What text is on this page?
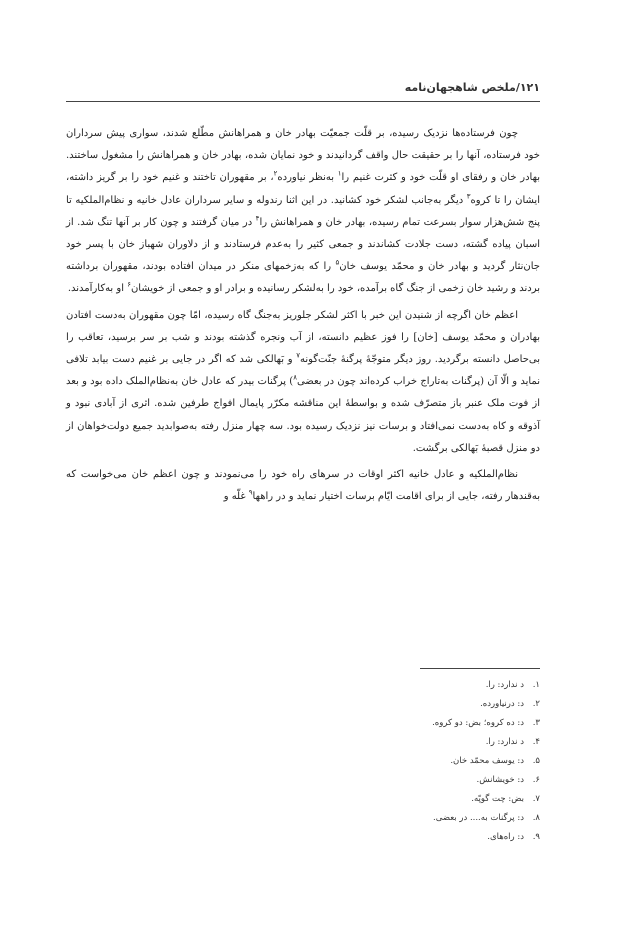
۱۲۱/ملخص شاهجهان‌نامه

چون فرستاده‌ها نزدیک رسیده، بر قلّت جمعیّت بهادر خان و همراهانش مطّلع شدند، سواری پیش سرداران خود فرستاده، آنها را بر حقیقت حال واقف گردانیدند و خود نمایان شده، بهادر خان و همراهانش را مشغول ساختند. بهادر خان و رفقای او قلّت خود و کثرت غنیم را$^۱$ به‌نظر نیاورده$^۲$، بر مقهوران تاختند و غنیم خود را بر گریز داشته، ایشان را تا کروه$^۳$ دیگر به‌جانب لشکر خود کشانید. در این اثنا رندوله و سایر سرداران عادل خانیه و نظام‌الملکیه تا پنج شش‌هزار سوار بسرعت تمام رسیده، بهادر خان و همراهانش را$^۴$ در میان گرفتند و چون کار بر آنها تنگ شد. از اسبان پیاده گشته، دست جلادت کشاندند و جمعی کثیر را به‌عدم فرستادند و از دلاوران شهباز خان با پسر خود جان‌نثار گردید و بهادر خان و محمّد یوسف خان$^۵$ را که به‌زخمهای منکر در میدان افتاده بودند، مقهوران برداشته بردند و رشید خان زخمی از جنگ گاه برآمده، خود را به‌لشکر رسانیده و برادر او و جمعی از خویشان$^۶$ او به‌کارآمدند.

اعظم خان اگرچه از شنیدن این خبر با اکثر لشکر جلوریز به‌جنگ گاه رسیده، امّا چون مقهوران به‌دست افتادن بهادران و محمّد یوسف [خان] را فوز عظیم دانسته، از آب ونجره گذشته بودند و شب بر سر برسید، تعاقب را بی‌حاصل دانسته برگردید. روز دیگر متوجّهٔ پرگنهٔ جنّت‌گونه$^۷$ و بَهالکی شد که اگر در جایی بر غنیم دست بیابد تلافی نماید و الّا آن (پرگنات به‌تاراج خراب کرده‌اند چون در بعضی$^۸$) پرگنات بیدر که عادل خان به‌نظام‌الملک داده بود و بعد از فوت ملک عنبر باز متصرّف شده و بواسطهٔ این مناقشه مکرّر پایمال افواج طرفین شده. اثری از آبادی نبود و آذوقه و کاه به‌دست نمی‌افتاد و برسات نیز نزدیک رسیده بود. سه چهار منزل رفته به‌صوابدید جمیع دولت‌خواهان از دو منزل قصبهٔ بَهالکی برگشت.

نظام‌الملکیه و عادل خانیه اکثر اوقات در سرهای راه خود را می‌نمودند و چون اعظم خان می‌خواست که به‌قندهار رفته، جایی از برای اقامت ایّام برسات اختیار نماید و در راهها$^۹$ غلّه و

۱.د ندارد: را.
۲.د: درنیاورده.
۳.د: ده کروه؛ بض: دو کروه.
۴.د ندارد: را.
۵.د: یوسف محمّد خان.
۶.د: خویشانش.
۷.بض: چت گوپّه.
۸.د: پرگنات به.... در بعضی.
۹.د: راه‌های.
